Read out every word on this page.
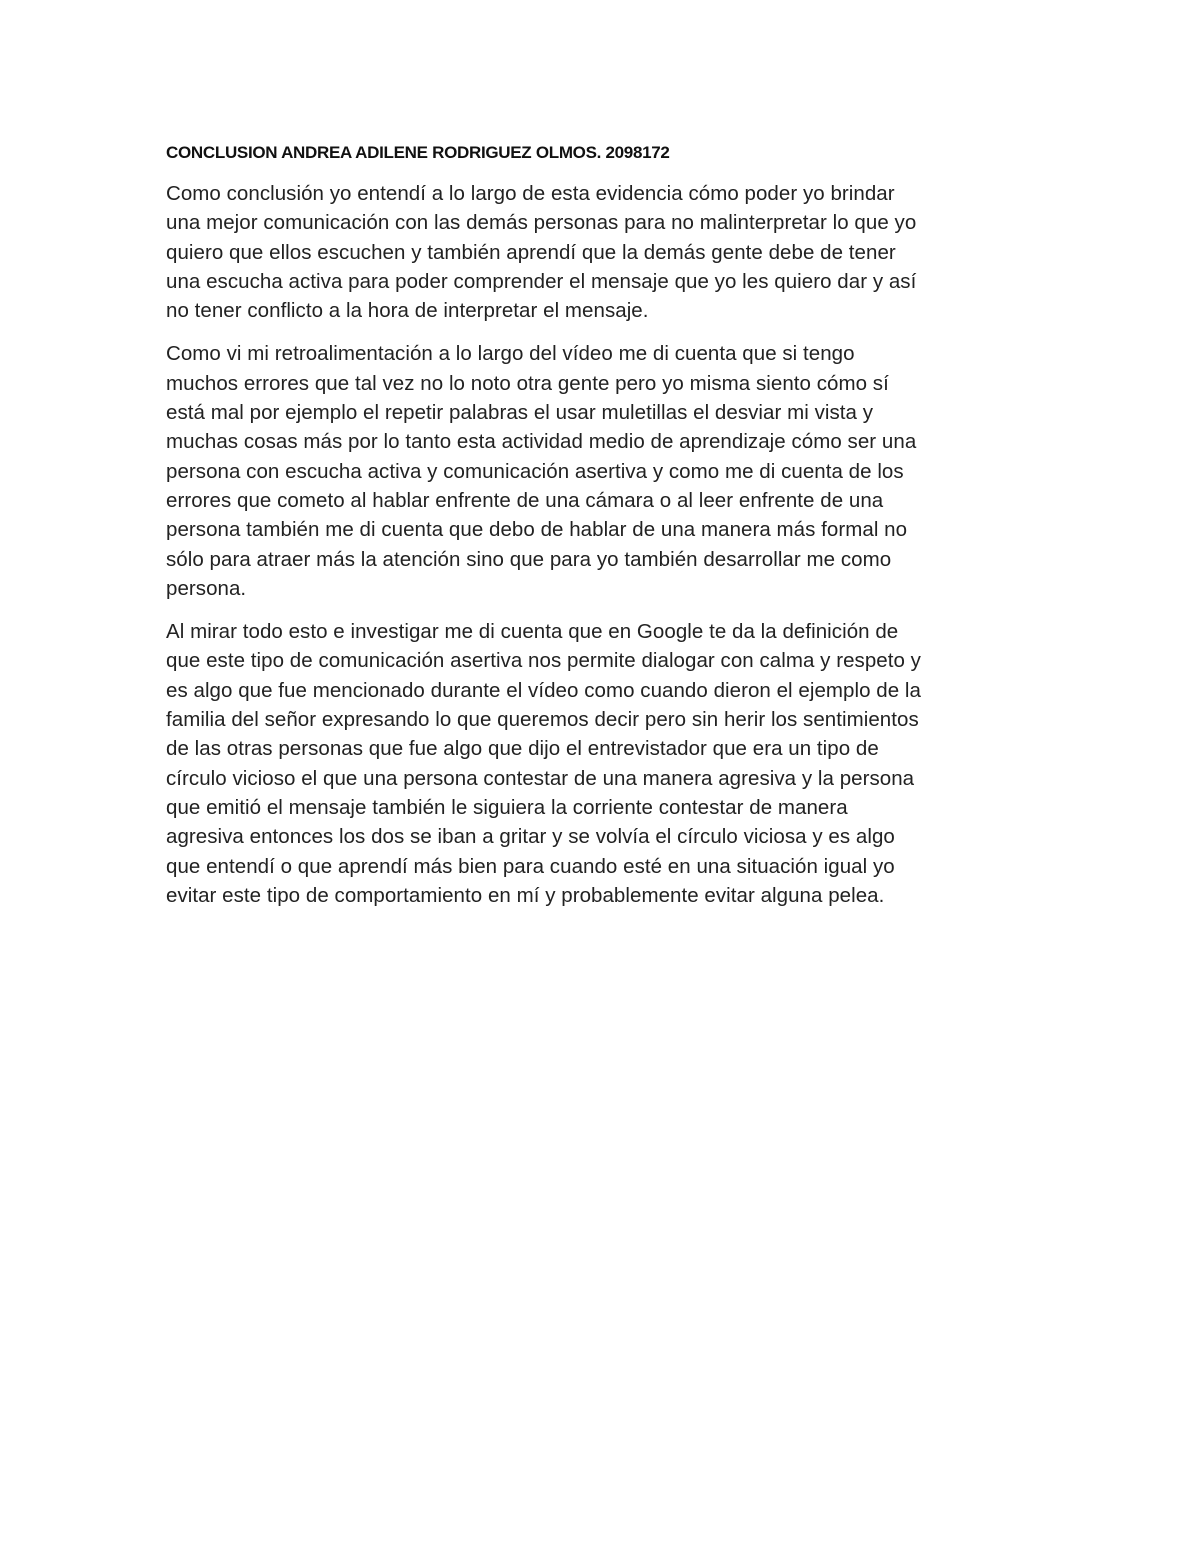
CONCLUSION ANDREA ADILENE RODRIGUEZ OLMOS. 2098172

Como conclusión yo entendí a lo largo de esta evidencia cómo poder yo brindar
una mejor comunicación con las demás personas para no malinterpretar lo que yo
quiero que ellos escuchen y también aprendí que la demás gente debe de tener
una escucha activa para poder comprender el mensaje que yo les quiero dar y así
no tener conflicto a la hora de interpretar el mensaje.

Como vi mi retroalimentación a lo largo del vídeo me di cuenta que si tengo
muchos errores que tal vez no lo noto otra gente pero yo misma siento cómo sí
está mal por ejemplo el repetir palabras el usar muletillas el desviar mi vista y
muchas cosas más por lo tanto esta actividad medio de aprendizaje cómo ser una
persona con escucha activa y comunicación asertiva y como me di cuenta de los
errores que cometo al hablar enfrente de una cámara o al leer enfrente de una
persona también me di cuenta que debo de hablar de una manera más formal no
sólo para atraer más la atención sino que para yo también desarrollar me como
persona.

Al mirar todo esto e investigar me di cuenta que en Google te da la definición de
que este tipo de comunicación asertiva nos permite dialogar con calma y respeto y
es algo que fue mencionado durante el vídeo como cuando dieron el ejemplo de la
familia del señor expresando lo que queremos decir pero sin herir los sentimientos
de las otras personas que fue algo que dijo el entrevistador que era un tipo de
círculo vicioso el que una persona contestar de una manera agresiva y la persona
que emitió el mensaje también le siguiera la corriente contestar de manera
agresiva entonces los dos se iban a gritar y se volvía el círculo viciosa y es algo
que entendí o que aprendí más bien para cuando esté en una situación igual yo
evitar este tipo de comportamiento en mí y probablemente evitar alguna pelea.
